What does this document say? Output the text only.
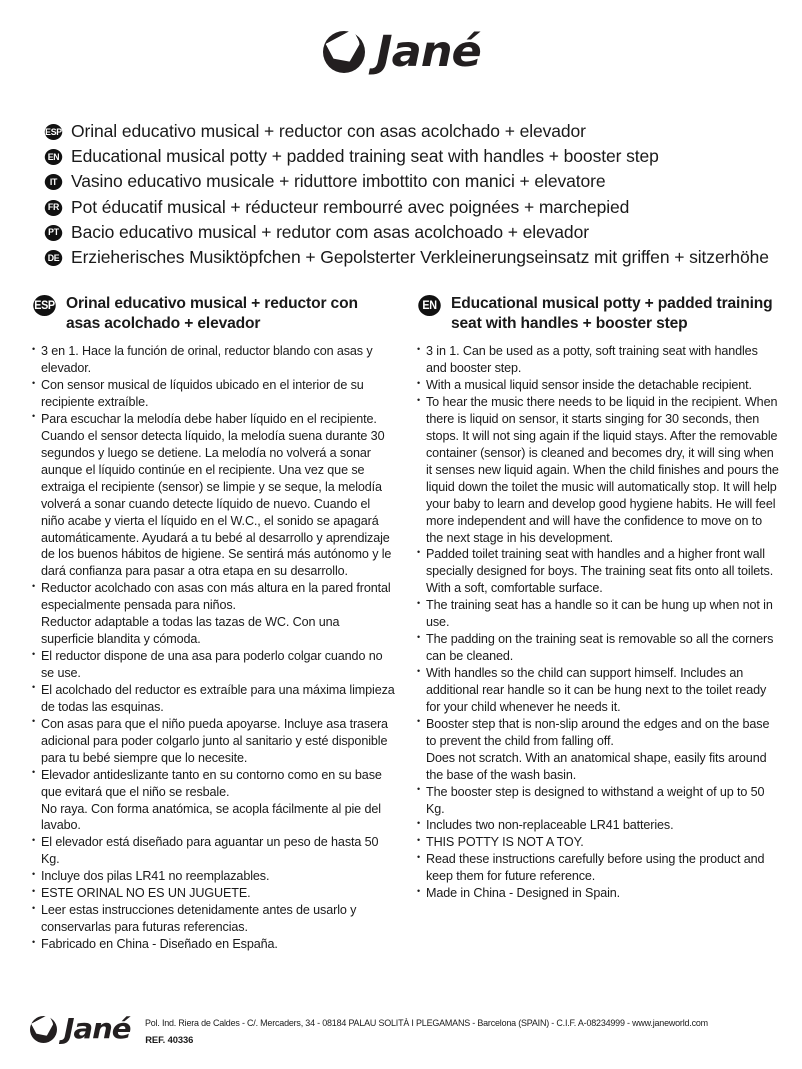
Jané
ESP Orinal educativo musical + reductor con asas acolchado + elevador
EN Educational musical potty + padded training seat with handles + booster step
IT Vasino educativo musicale + riduttore imbottito con manici + elevatore
FR Pot éducatif musical + réducteur rembourré avec poignées + marchepied
PT Bacio educativo musical + redutor com asas acolchoado + elevador
DE Erzieherisches Musiktöpfchen + Gepolsterter Verkleinerungseinsatz mit griffen + sitzerhöhe
ESP Orinal educativo musical + reductor con asas acolchado + elevador
• 3 en 1. Hace la función de orinal, reductor blando con asas y elevador.
• Con sensor musical de líquidos ubicado en el interior de su recipiente extraíble.
• Para escuchar la melodía debe haber líquido en el recipiente. Cuando el sensor detecta líquido, la melodía suena durante 30 segundos y luego se detiene. La melodía no volverá a sonar aunque el líquido continúe en el recipiente. Una vez que se extraiga el recipiente (sensor) se limpie y se seque, la melodía volverá a sonar cuando detecte líquido de nuevo. Cuando el niño acabe y vierta el líquido en el W.C., el sonido se apagará automáticamente. Ayudará a tu bebé al desarrollo y aprendizaje de los buenos hábitos de higiene. Se sentirá más autónomo y le dará confianza para pasar a otra etapa en su desarrollo.
• Reductor acolchado con asas con más altura en la pared frontal especialmente pensada para niños.
Reductor adaptable a todas las tazas de WC. Con una superficie blandita y cómoda.
• El reductor dispone de una asa para poderlo colgar cuando no se use.
• El acolchado del reductor es extraíble para una máxima limpieza de todas las esquinas.
• Con asas para que el niño pueda apoyarse. Incluye asa trasera adicional para poder colgarlo junto al sanitario y esté disponible para tu bebé siempre que lo necesite.
• Elevador antideslizante tanto en su contorno como en su base que evitará que el niño se resbale.
No raya. Con forma anatómica, se acopla fácilmente al pie del lavabo.
• El elevador está diseñado para aguantar un peso de hasta 50 Kg.
• Incluye dos pilas LR41 no reemplazables.
• ESTE ORINAL NO ES UN JUGUETE.
• Leer estas instrucciones detenidamente antes de usarlo y conservarlas para futuras referencias.
• Fabricado en China - Diseñado en España.
EN Educational musical potty + padded training seat with handles + booster step
• 3 in 1. Can be used as a potty, soft training seat with handles and booster step.
• With a musical liquid sensor inside the detachable recipient.
• To hear the music there needs to be liquid in the recipient. When there is liquid on sensor, it starts singing for 30 seconds, then stops. It will not sing again if the liquid stays. After the removable container (sensor) is cleaned and becomes dry, it will sing when it senses new liquid again. When the child finishes and pours the liquid down the toilet the music will automatically stop. It will help your baby to learn and develop good hygiene habits. He will feel more independent and will have the confidence to move on to the next stage in his development.
• Padded toilet training seat with handles and a higher front wall specially designed for boys. The training seat fits onto all toilets. With a soft, comfortable surface.
• The training seat has a handle so it can be hung up when not in use.
• The padding on the training seat is removable so all the corners can be cleaned.
• With handles so the child can support himself. Includes an additional rear handle so it can be hung next to the toilet ready for your child whenever he needs it.
• Booster step that is non-slip around the edges and on the base to prevent the child from falling off.
Does not scratch. With an anatomical shape, easily fits around the base of the wash basin.
• The booster step is designed to withstand a weight of up to 50 Kg.
• Includes two non-replaceable LR41 batteries.
• THIS POTTY IS NOT A TOY.
• Read these instructions carefully before using the product and keep them for future reference.
• Made in China - Designed in Spain.
Jané Pol. Ind. Riera de Caldes - C/. Mercaders, 34 - 08184 PALAU SOLITÀ I PLEGAMANS - Barcelona (SPAIN) - C.I.F. A-08234999 - www.janeworld.com
REF. 40336
